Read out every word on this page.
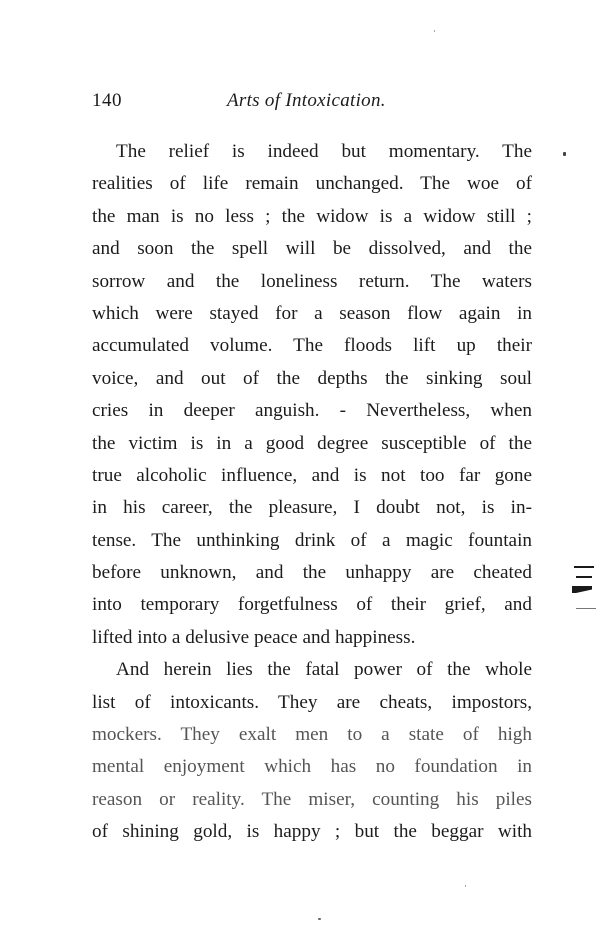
140	Arts of Intoxication.
The relief is indeed but momentary. The
realities of life remain unchanged. The woe of
the man is no less ; the widow is a widow still ;
and soon the spell will be dissolved, and the
sorrow and the loneliness return. The waters
which were stayed for a season flow again in
accumulated volume. The floods lift up their
voice, and out of the depths the sinking soul
cries in deeper anguish. - Nevertheless, when
the victim is in a good degree susceptible of the
true alcoholic influence, and is not too far gone
in his career, the pleasure, I doubt not, is in-
tense. The unthinking drink of a magic fountain
before unknown, and the unhappy are cheated
into temporary forgetfulness of their grief, and
lifted into a delusive peace and happiness.
And herein lies the fatal power of the whole
list of intoxicants. They are cheats, impostors,
mockers. They exalt men to a state of high
mental enjoyment which has no foundation in
reason or reality. The miser, counting his piles
of shining gold, is happy ; but the beggar with
